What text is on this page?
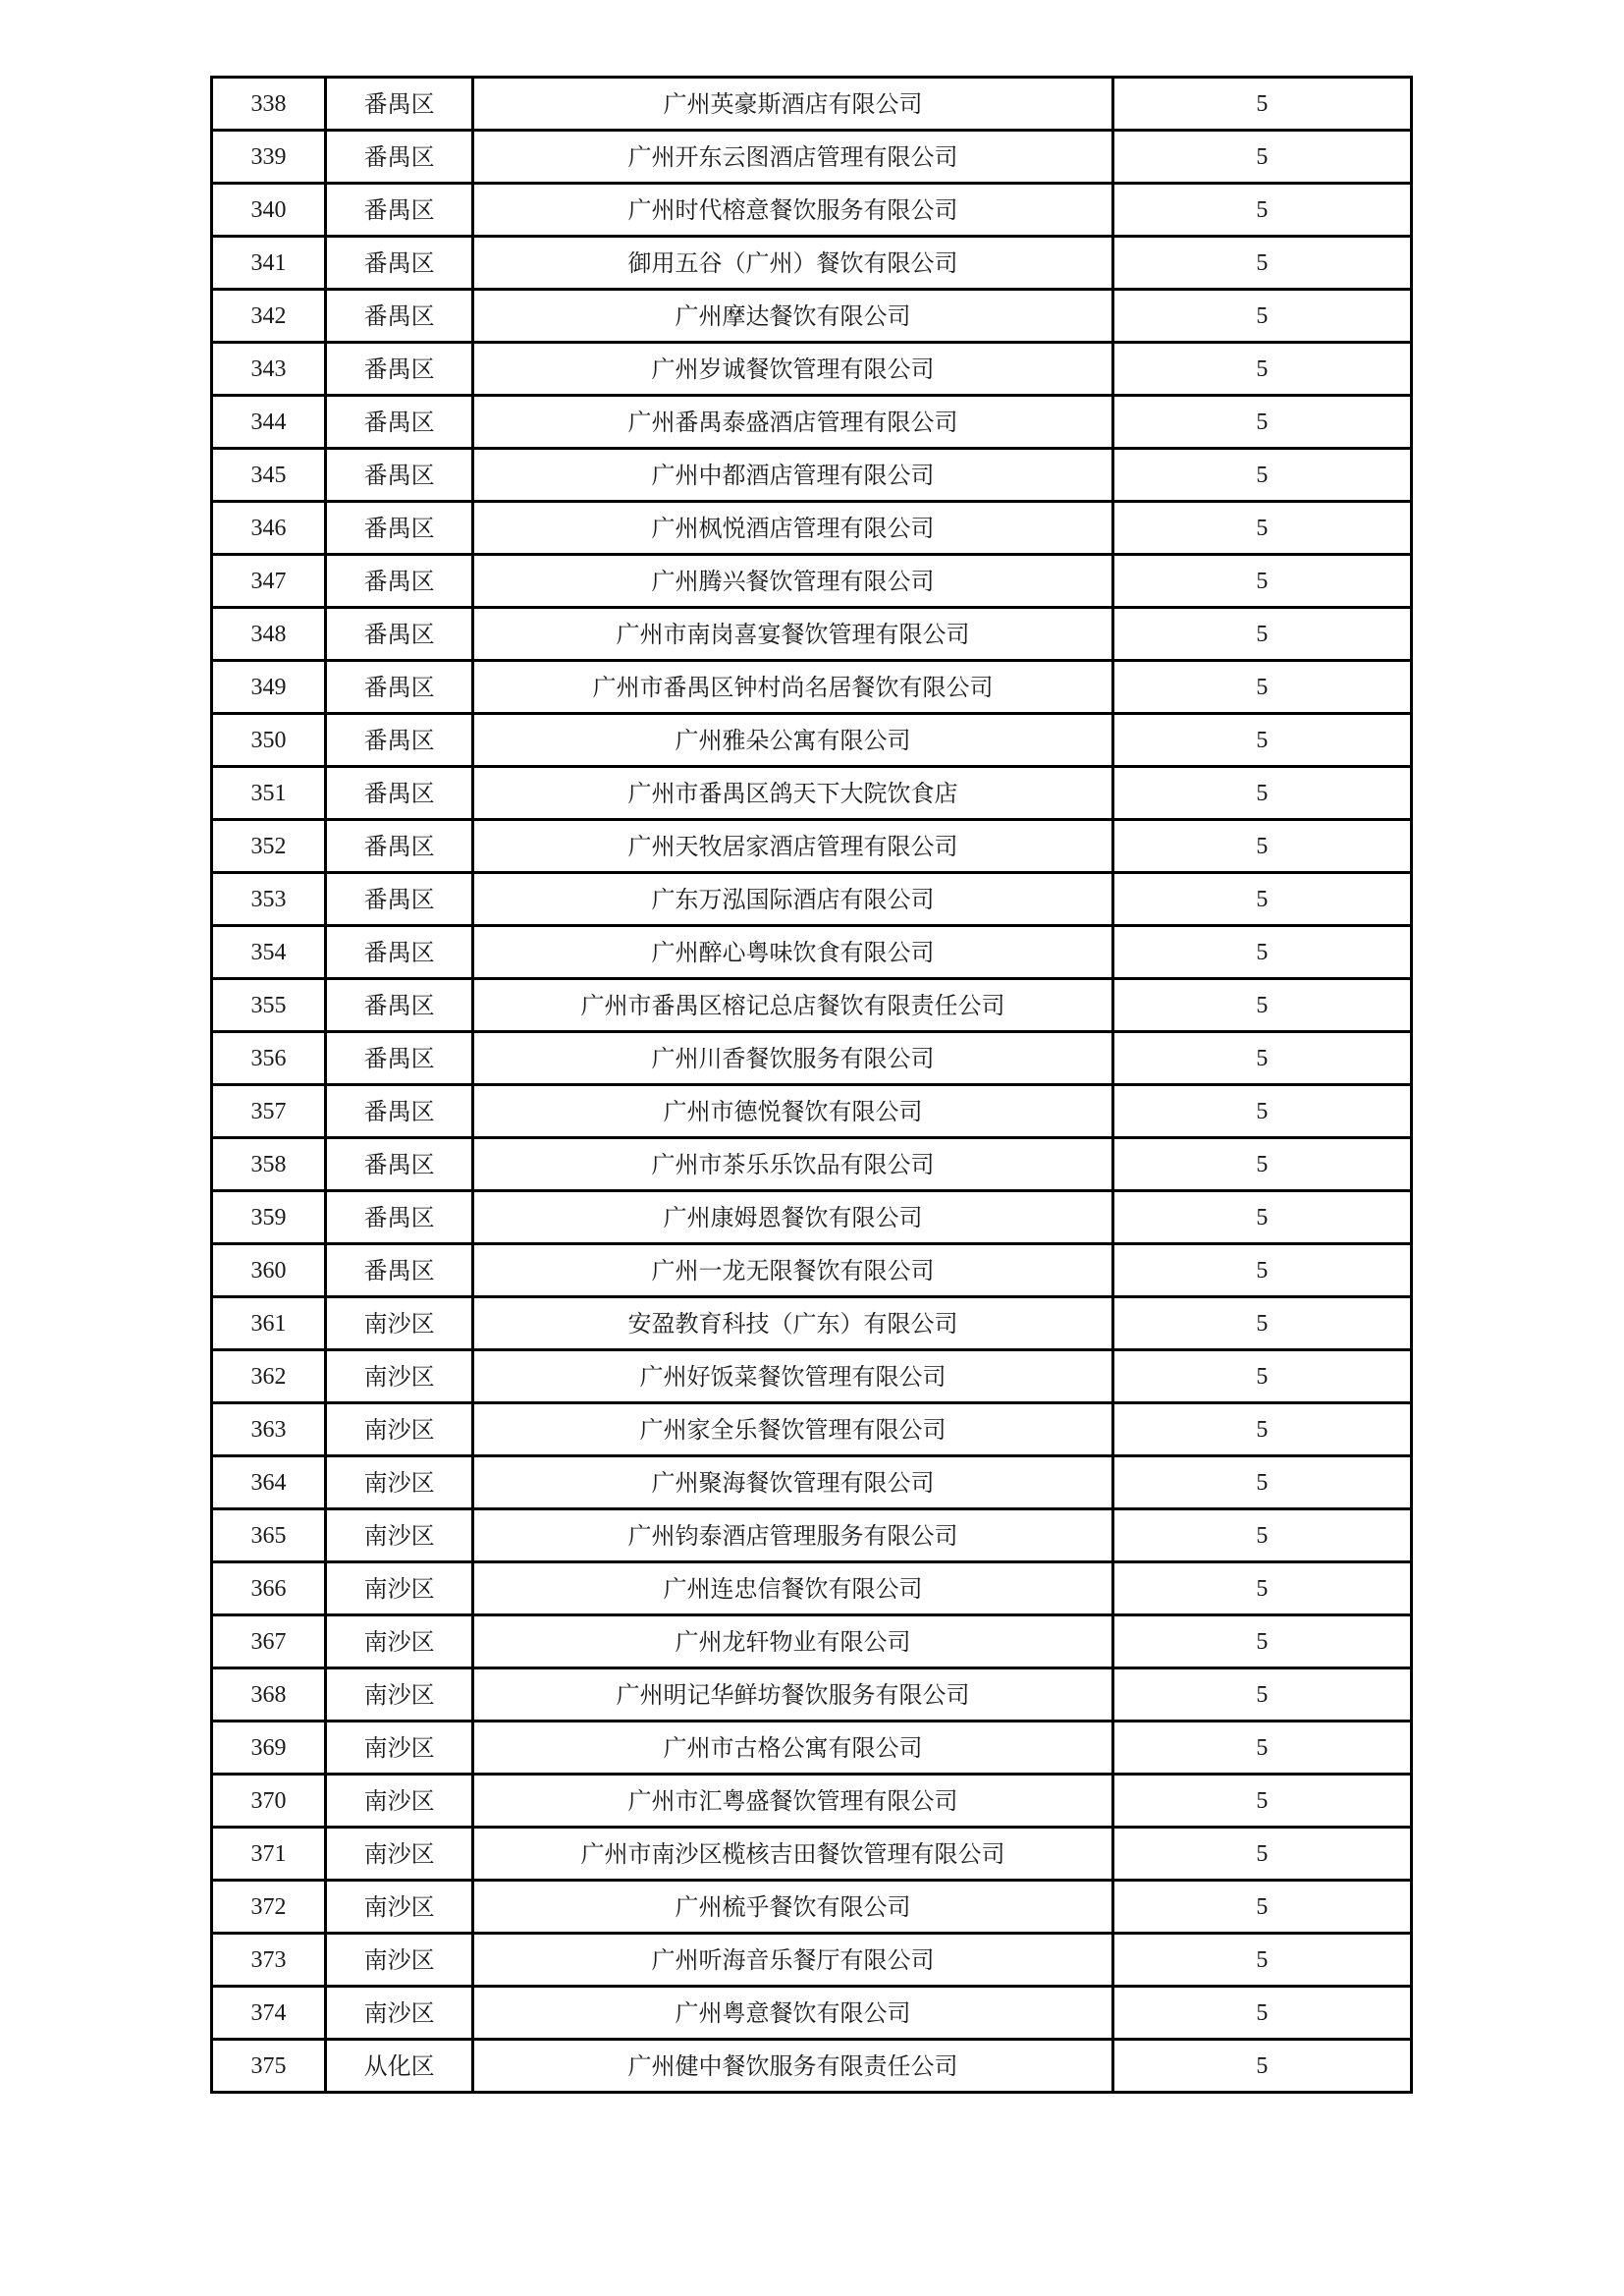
338	番禺区	广州英豪斯酒店有限公司	5
339	番禺区	广州开东云图酒店管理有限公司	5
340	番禺区	广州时代榕意餐饮服务有限公司	5
341	番禺区	御用五谷（广州）餐饮有限公司	5
342	番禺区	广州摩达餐饮有限公司	5
343	番禺区	广州岁诚餐饮管理有限公司	5
344	番禺区	广州番禺泰盛酒店管理有限公司	5
345	番禺区	广州中都酒店管理有限公司	5
346	番禺区	广州枫悦酒店管理有限公司	5
347	番禺区	广州腾兴餐饮管理有限公司	5
348	番禺区	广州市南岗喜宴餐饮管理有限公司	5
349	番禺区	广州市番禺区钟村尚名居餐饮有限公司	5
350	番禺区	广州雅朵公寓有限公司	5
351	番禺区	广州市番禺区鸽天下大院饮食店	5
352	番禺区	广州天牧居家酒店管理有限公司	5
353	番禺区	广东万泓国际酒店有限公司	5
354	番禺区	广州醉心粤味饮食有限公司	5
355	番禺区	广州市番禺区榕记总店餐饮有限责任公司	5
356	番禺区	广州川香餐饮服务有限公司	5
357	番禺区	广州市德悦餐饮有限公司	5
358	番禺区	广州市茶乐乐饮品有限公司	5
359	番禺区	广州康姆恩餐饮有限公司	5
360	番禺区	广州一龙无限餐饮有限公司	5
361	南沙区	安盈教育科技（广东）有限公司	5
362	南沙区	广州好饭菜餐饮管理有限公司	5
363	南沙区	广州家全乐餐饮管理有限公司	5
364	南沙区	广州聚海餐饮管理有限公司	5
365	南沙区	广州钧泰酒店管理服务有限公司	5
366	南沙区	广州连忠信餐饮有限公司	5
367	南沙区	广州龙轩物业有限公司	5
368	南沙区	广州明记华鲜坊餐饮服务有限公司	5
369	南沙区	广州市古格公寓有限公司	5
370	南沙区	广州市汇粤盛餐饮管理有限公司	5
371	南沙区	广州市南沙区榄核吉田餐饮管理有限公司	5
372	南沙区	广州梳乎餐饮有限公司	5
373	南沙区	广州听海音乐餐厅有限公司	5
374	南沙区	广州粤意餐饮有限公司	5
375	从化区	广州健中餐饮服务有限责任公司	5
